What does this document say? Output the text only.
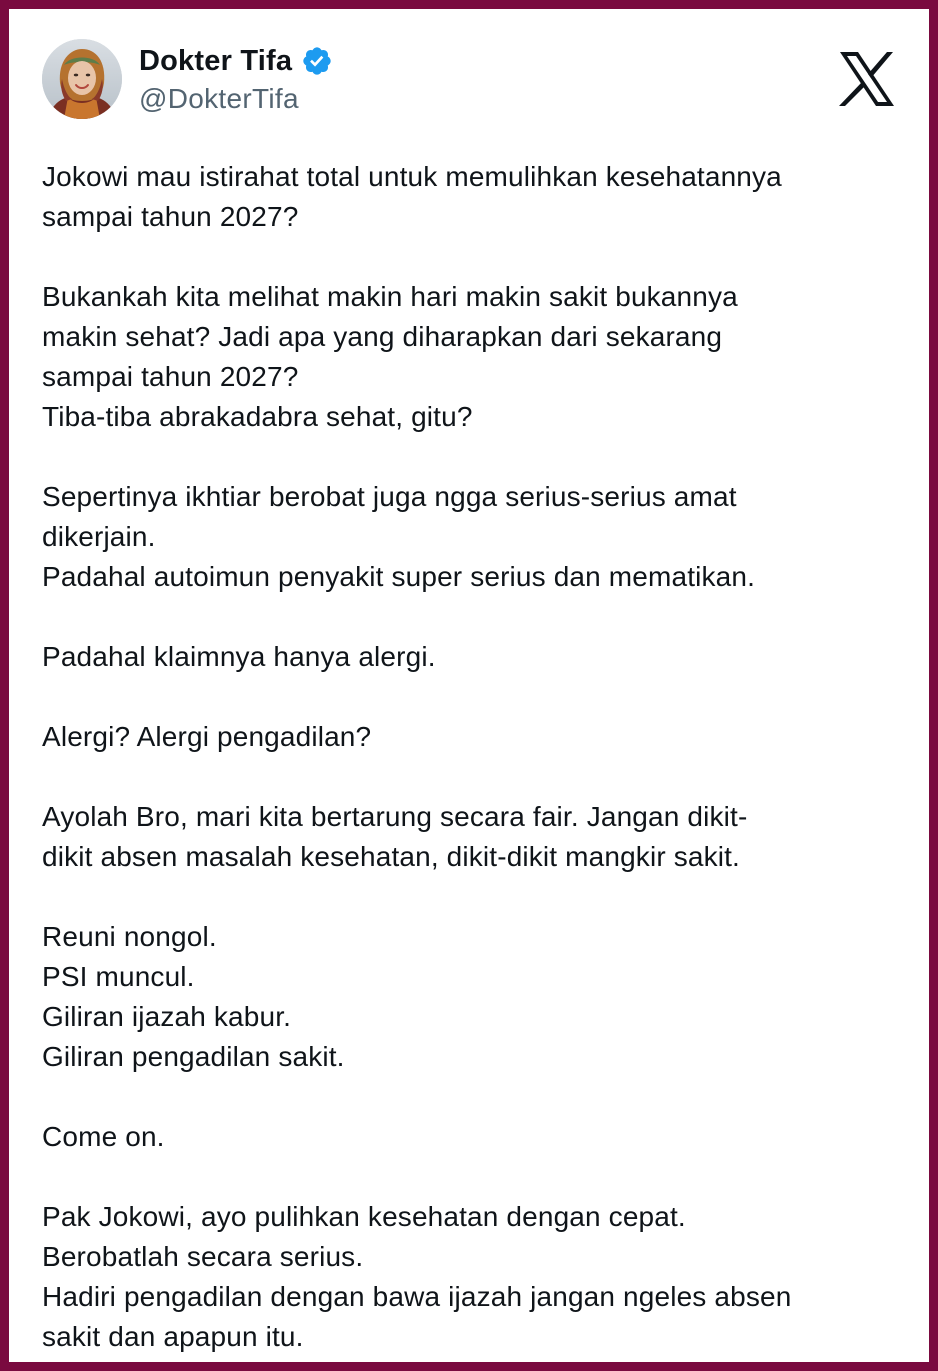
Dokter Tifa
@DokterTifa
Jokowi mau istirahat total untuk memulihkan kesehatannya
sampai tahun 2027?

Bukankah kita melihat makin hari makin sakit bukannya
makin sehat? Jadi apa yang diharapkan dari sekarang
sampai tahun 2027?
Tiba-tiba abrakadabra sehat, gitu?

Sepertinya ikhtiar berobat juga ngga serius-serius amat
dikerjain.
Padahal autoimun penyakit super serius dan mematikan.

Padahal klaimnya hanya alergi.

Alergi? Alergi pengadilan?

Ayolah Bro, mari kita bertarung secara fair. Jangan dikit-
dikit absen masalah kesehatan, dikit-dikit mangkir sakit.

Reuni nongol.
PSI muncul.
Giliran ijazah kabur.
Giliran pengadilan sakit.

Come on.

Pak Jokowi, ayo pulihkan kesehatan dengan cepat.
Berobatlah secara serius.
Hadiri pengadilan dengan bawa ijazah jangan ngeles absen
sakit dan apapun itu.
